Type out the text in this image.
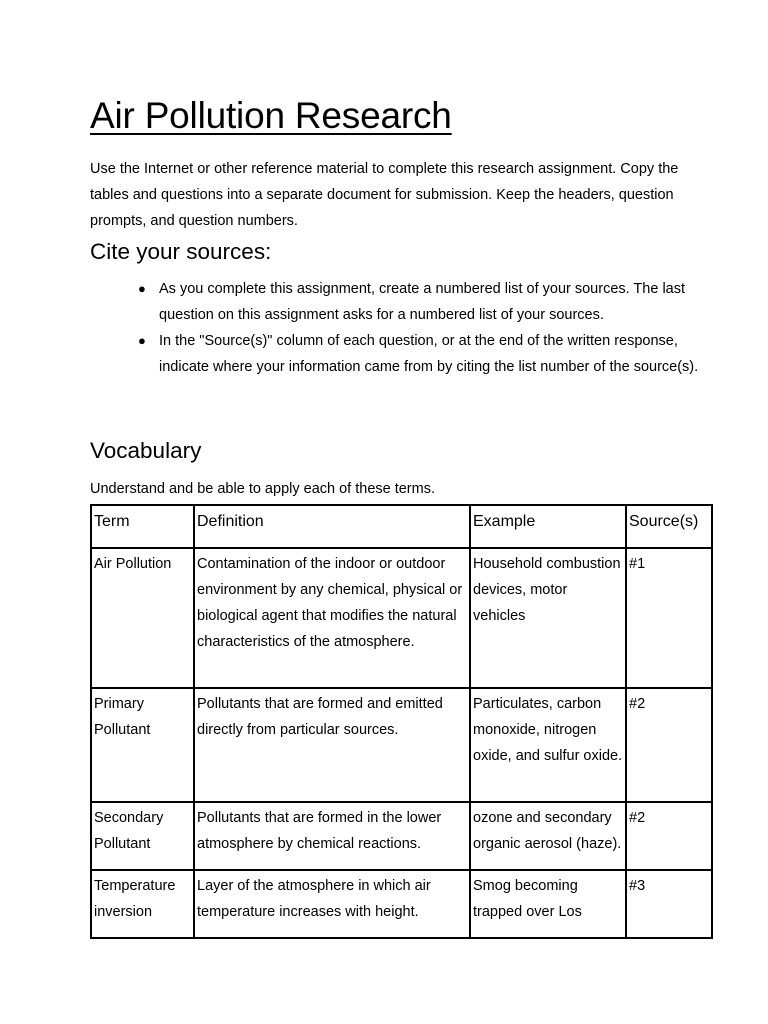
Air Pollution Research

Use the Internet or other reference material to complete this research assignment. Copy the tables and questions into a separate document for submission. Keep the headers, question prompts, and question numbers.

Cite your sources:
● As you complete this assignment, create a numbered list of your sources. The last question on this assignment asks for a numbered list of your sources.
● In the "Source(s)" column of each question, or at the end of the written response, indicate where your information came from by citing the list number of the source(s).
Vocabulary

Understand and be able to apply each of these terms.

Term	Definition	Example	Source(s)
Air Pollution	Contamination of the indoor or outdoor environment by any chemical, physical or biological agent that modifies the natural characteristics of the atmosphere.	Household combustion devices, motor vehicles	#1
Primary Pollutant	Pollutants that are formed and emitted directly from particular sources.	Particulates, carbon monoxide, nitrogen oxide, and sulfur oxide.	#2
Secondary Pollutant	Pollutants that are formed in the lower atmosphere by chemical reactions.	ozone and secondary organic aerosol (haze).	#2
Temperature inversion	Layer of the atmosphere in which air temperature increases with height.	Smog becoming trapped over Los	#3
